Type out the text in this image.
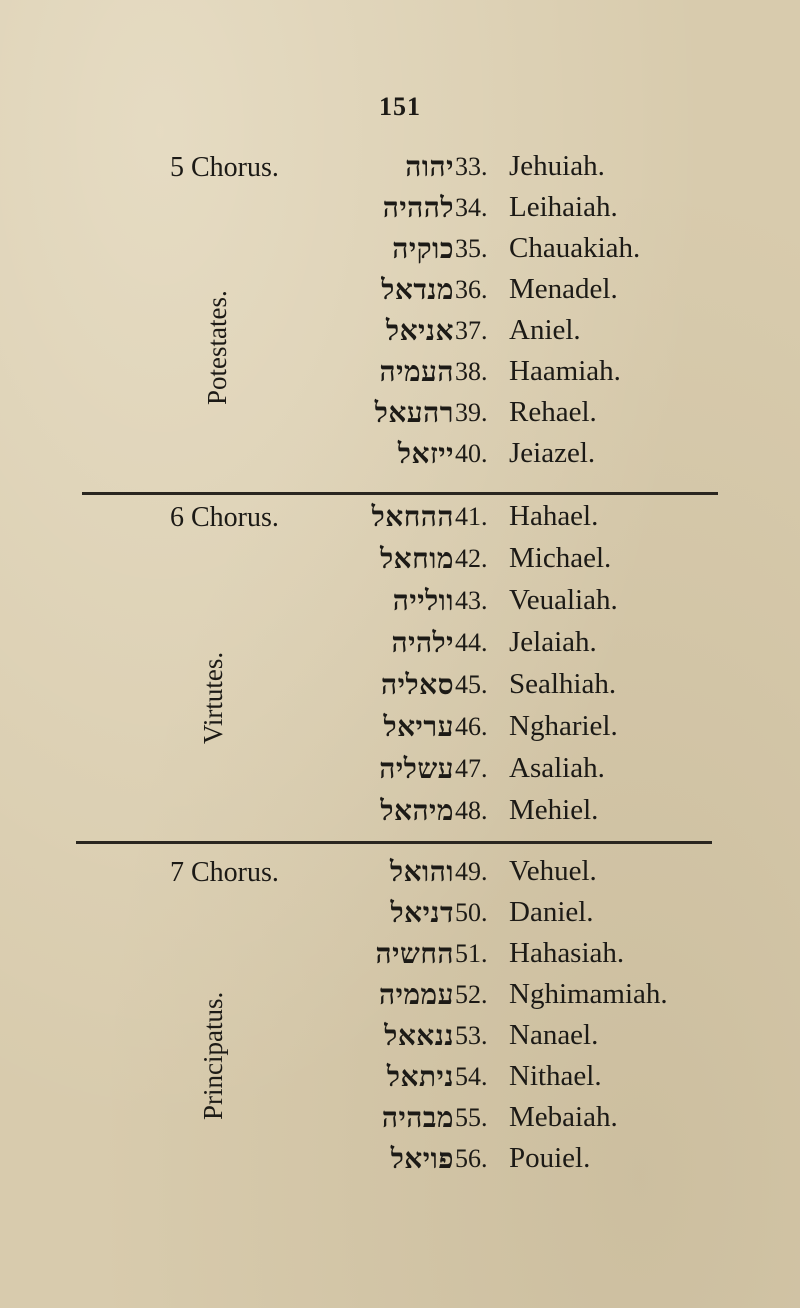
151
5 Chorus.
Potestates.
יהוה 33. Jehuiah.
לההיה 34. Leihaiah.
כוקיה 35. Chauakiah.
מנדאל 36. Menadel.
אניאל 37. Aniel.
העמיה 38. Haamiah.
רהעאל 39. Rehael.
ייזאל 40. Jeiazel.
6 Chorus.
Virtutes.
ההחאל 41. Hahael.
מוחאל 42. Michael.
וולייה 43. Veualiah.
ילהיה 44. Jelaiah.
סאליה 45. Sealhiah.
עריאל 46. Nghariel.
עשליה 47. Asaliah.
מיהאל 48. Mehiel.
7 Chorus.
Principatus.
והואל 49. Vehuel.
דניאל 50. Daniel.
החשיה 51. Hahasiah.
עממיה 52. Nghimamiah.
ננאאל 53. Nanael.
ניתאל 54. Nithael.
מבהיה 55. Mebaiah.
פויאל 56. Pouiel.
